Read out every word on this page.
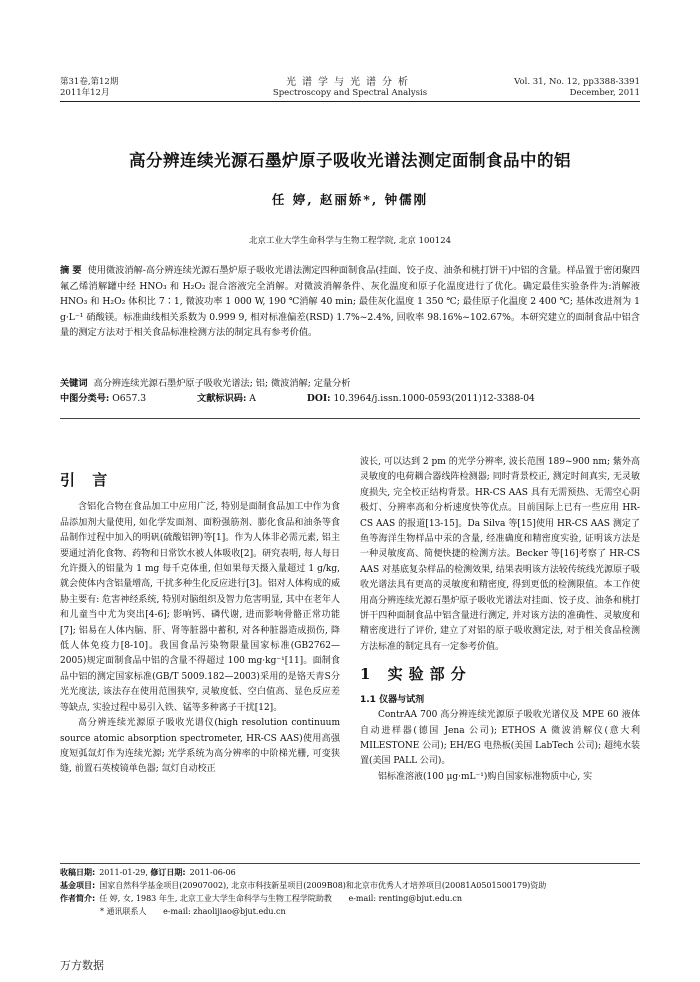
第31卷,第12期
2011年12月
光谱学与光谱分析
Spectroscopy and Spectral Analysis
Vol. 31, No. 12, pp3388-3391
December, 2011
高分辨连续光源石墨炉原子吸收光谱法测定面制食品中的铝
任 婷, 赵丽娇*, 钟儒刚
北京工业大学生命科学与生物工程学院, 北京 100124
摘 要 使用微波消解-高分辨连续光源石墨炉原子吸收光谱法测定四种面制食品(挂面、饺子皮、油条和桃打饼干)中铝的含量。样品置于密闭聚四氟乙烯消解罐中经 HNO₃ 和 H₂O₂ 混合溶液完全消解。对微波消解条件、灰化温度和原子化温度进行了优化。确定最佳实验条件为:消解液 HNO₃ 和 H₂O₂ 体积比 7∶1, 微波功率 1 000 W, 190 ℃消解 40 min; 最佳灰化温度 1 350 ℃; 最佳原子化温度 2 400 ℃; 基体改进剂为 1 g·L⁻¹ 硝酸镁。标准曲线相关系数为 0.999 9, 相对标准偏差(RSD) 1.7%~2.4%, 回收率 98.16%~102.67%。本研究建立的面制食品中铝含量的测定方法对于相关食品标准检测方法的制定具有参考价值。
关键词 高分辨连续光源石墨炉原子吸收光谱法; 铝; 微波消解; 定量分析
中图分类号: O657.3	文献标识码: A	DOI: 10.3964/j.issn.1000-0593(2011)12-3388-04
引 言

含铝化合物在食品加工中应用广泛, 特别是面制食品加工中作为食品添加剂大量使用, 如化学发面剂、面粉强筋剂、膨化食品和油条等食品制作过程中加入的明矾(硫酸铝钾)等[1]。作为人体非必需元素, 铝主要通过消化食物、药物和日常饮水被人体吸收[2]。研究表明, 每人每日允许摄入的铝量为 1 mg 每千克体重, 但如果每天摄入量超过 1 g/kg, 就会使体内含铝量增高, 干扰多种生化反应进行[3]。铝对人体构成的威胁主要有: 危害神经系统, 特别对脑组织及智力危害明显, 其中在老年人和儿童当中尤为突出[4-6]; 影响钙、磷代谢, 进而影响骨骼正常功能[7]; 铝易在人体内脑、肝、肾等脏器中蓄积, 对各种脏器造成损伤, 降低人体免疫力[8-10]。我国食品污染物限量国家标准(GB2762—2005)规定面制食品中铝的含量不得超过 100 mg·kg⁻¹[11]。面制食品中铝的测定国家标准(GB/T 5009.182—2003)采用的是铬天青S分光光度法, 该法存在使用范围狭窄, 灵敏度低、空白值高、显色反应差等缺点, 实验过程中易引入铁、锰等多种离子干扰[12]。

高分辨连续光源原子吸收光谱仪(high resolution continuum source atomic absorption spectrometer, HR-CS AAS)使用高强度短弧氙灯作为连续光源; 光学系统为高分辨率的中阶梯光栅, 可变狭缝, 前置石英棱镜单色器; 氙灯自动校正

波长, 可以达到 2 pm 的光学分辨率, 波长范围 189~900 nm; 紫外高灵敏度的电荷耦合器线阵检测器; 同时背景校正, 测定时间真实, 无灵敏度损失, 完全校正结构背景。HR-CS AAS 具有无需预热、无需空心阴极灯、分辨率高和分析速度快等优点。目前国际上已有一些应用 HR-CS AAS 的报道[13-15]。Da Silva 等[15]使用 HR-CS AAS 测定了鱼等海洋生物样品中汞的含量, 经准确度和精密度实验, 证明该方法是一种灵敏度高、简便快捷的检测方法。Becker 等[16]考察了 HR-CS AAS 对基底复杂样品的检测效果, 结果表明该方法较传统线光源原子吸收光谱法具有更高的灵敏度和精密度, 得到更低的检测限值。本工作使用高分辨连续光源石墨炉原子吸收光谱法对挂面、饺子皮、油条和桃打饼干四种面制食品中铝含量进行测定, 并对该方法的准确性、灵敏度和精密度进行了评价, 建立了对铝的原子吸收测定法, 对于相关食品检测方法标准的制定具有一定参考价值。

1 实验部分
1.1 仪器与试剂

ContrAA 700 高分辨连续光源原子吸收光谱仪及 MPE 60 液体自动进样器(德国 Jena 公司); ETHOS A 微波消解仪(意大利 MILESTONE 公司); EH/EG 电热板(美国 LabTech 公司); 超纯水装置(美国 PALL 公司)。

铝标准溶液(100 μg·mL⁻¹)购自国家标准物质中心, 实

收稿日期: 2011-01-29, 修订日期: 2011-06-06
基金项目: 国家自然科学基金项目(20907002), 北京市科技新星项目(2009B08)和北京市优秀人才培养项目(20081A0501500179)资助
作者简介: 任 婷, 女, 1983 年生, 北京工业大学生命科学与生物工程学院助教 e-mail: renting@bjut.edu.cn
* 通讯联系人 e-mail: zhaolijiao@bjut.edu.cn
万方数据
